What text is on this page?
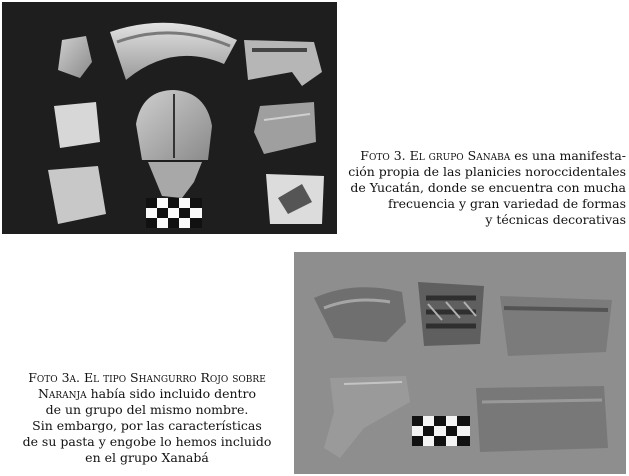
Foto 3. El grupo Sanaba es una manifesta-
ción propia de las planicies noroccidentales
de Yucatán, donde se encuentra con mucha
frecuencia y gran variedad de formas
y técnicas decorativas
Foto 3a. El tipo Shangurro Rojo sobre
Naranja había sido incluido dentro
de un grupo del mismo nombre.
Sin embargo, por las características
de su pasta y engobe lo hemos incluido
en el grupo Xanabá
